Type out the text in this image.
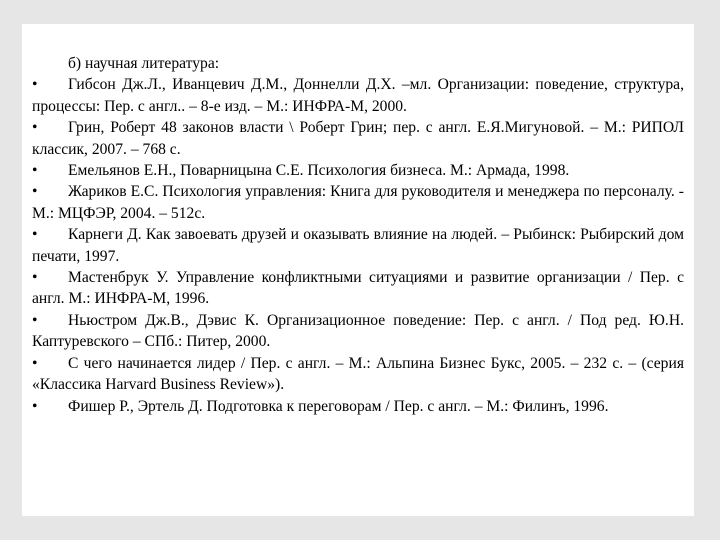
б) научная литература:
• Гибсон Дж.Л., Иванцевич Д.М., Доннелли Д.Х. –мл. Организации: поведение, структура, процессы: Пер. с англ.. – 8-е изд. – М.: ИНФРА-М, 2000.
• Грин, Роберт 48 законов власти \ Роберт Грин; пер. с англ. Е.Я.Мигуновой. – М.: РИПОЛ классик, 2007. – 768 с.
• Емельянов Е.Н., Поварницына С.Е. Психология бизнеса. М.: Армада, 1998.
• Жариков Е.С. Психология управления: Книга для руководителя и менеджера по персоналу. - М.: МЦФЭР, 2004. – 512с.
• Карнеги Д. Как завоевать друзей и оказывать влияние на людей. – Рыбинск: Рыбирский дом печати, 1997.
• Мастенбрук У. Управление конфликтными ситуациями и развитие организации / Пер. с англ. М.: ИНФРА-М, 1996.
• Ньюстром Дж.В., Дэвис К. Организационное поведение: Пер. с англ. / Под ред. Ю.Н. Каптуревского – СПб.: Питер, 2000.
• С чего начинается лидер / Пер. с англ. – М.: Альпина Бизнес Букс, 2005. – 232 с. – (серия «Классика Harvard Business Review»).
• Фишер Р., Эртель Д. Подготовка к переговорам / Пер. с англ. – М.: Филинъ, 1996.
